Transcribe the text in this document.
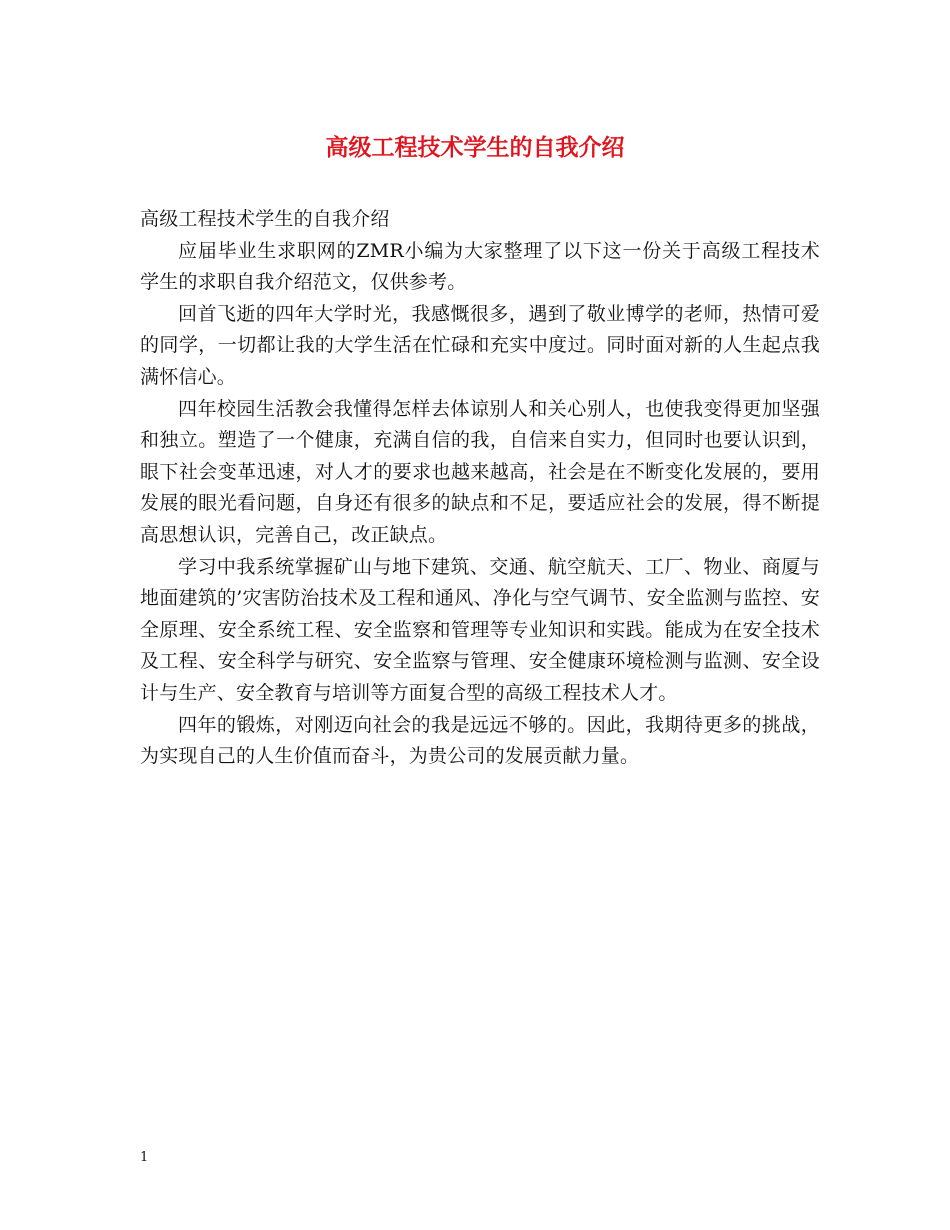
高级工程技术学生的自我介绍

高级工程技术学生的自我介绍

应届毕业生求职网的ZMR小编为大家整理了以下这一份关于高级工程技术学生的求职自我介绍范文，仅供参考。

回首飞逝的四年大学时光，我感慨很多，遇到了敬业博学的老师，热情可爱的同学，一切都让我的大学生活在忙碌和充实中度过。同时面对新的人生起点我满怀信心。

四年校园生活教会我懂得怎样去体谅别人和关心别人，也使我变得更加坚强和独立。塑造了一个健康，充满自信的我，自信来自实力，但同时也要认识到，眼下社会变革迅速，对人才的要求也越来越高，社会是在不断变化发展的，要用发展的眼光看问题，自身还有很多的缺点和不足，要适应社会的发展，得不断提高思想认识，完善自己，改正缺点。

学习中我系统掌握矿山与地下建筑、交通、航空航天、工厂、物业、商厦与地面建筑的’灾害防治技术及工程和通风、净化与空气调节、安全监测与监控、安全原理、安全系统工程、安全监察和管理等专业知识和实践。能成为在安全技术及工程、安全科学与研究、安全监察与管理、安全健康环境检测与监测、安全设计与生产、安全教育与培训等方面复合型的高级工程技术人才。

四年的锻炼，对刚迈向社会的我是远远不够的。因此，我期待更多的挑战，为实现自己的人生价值而奋斗，为贵公司的发展贡献力量。

1
